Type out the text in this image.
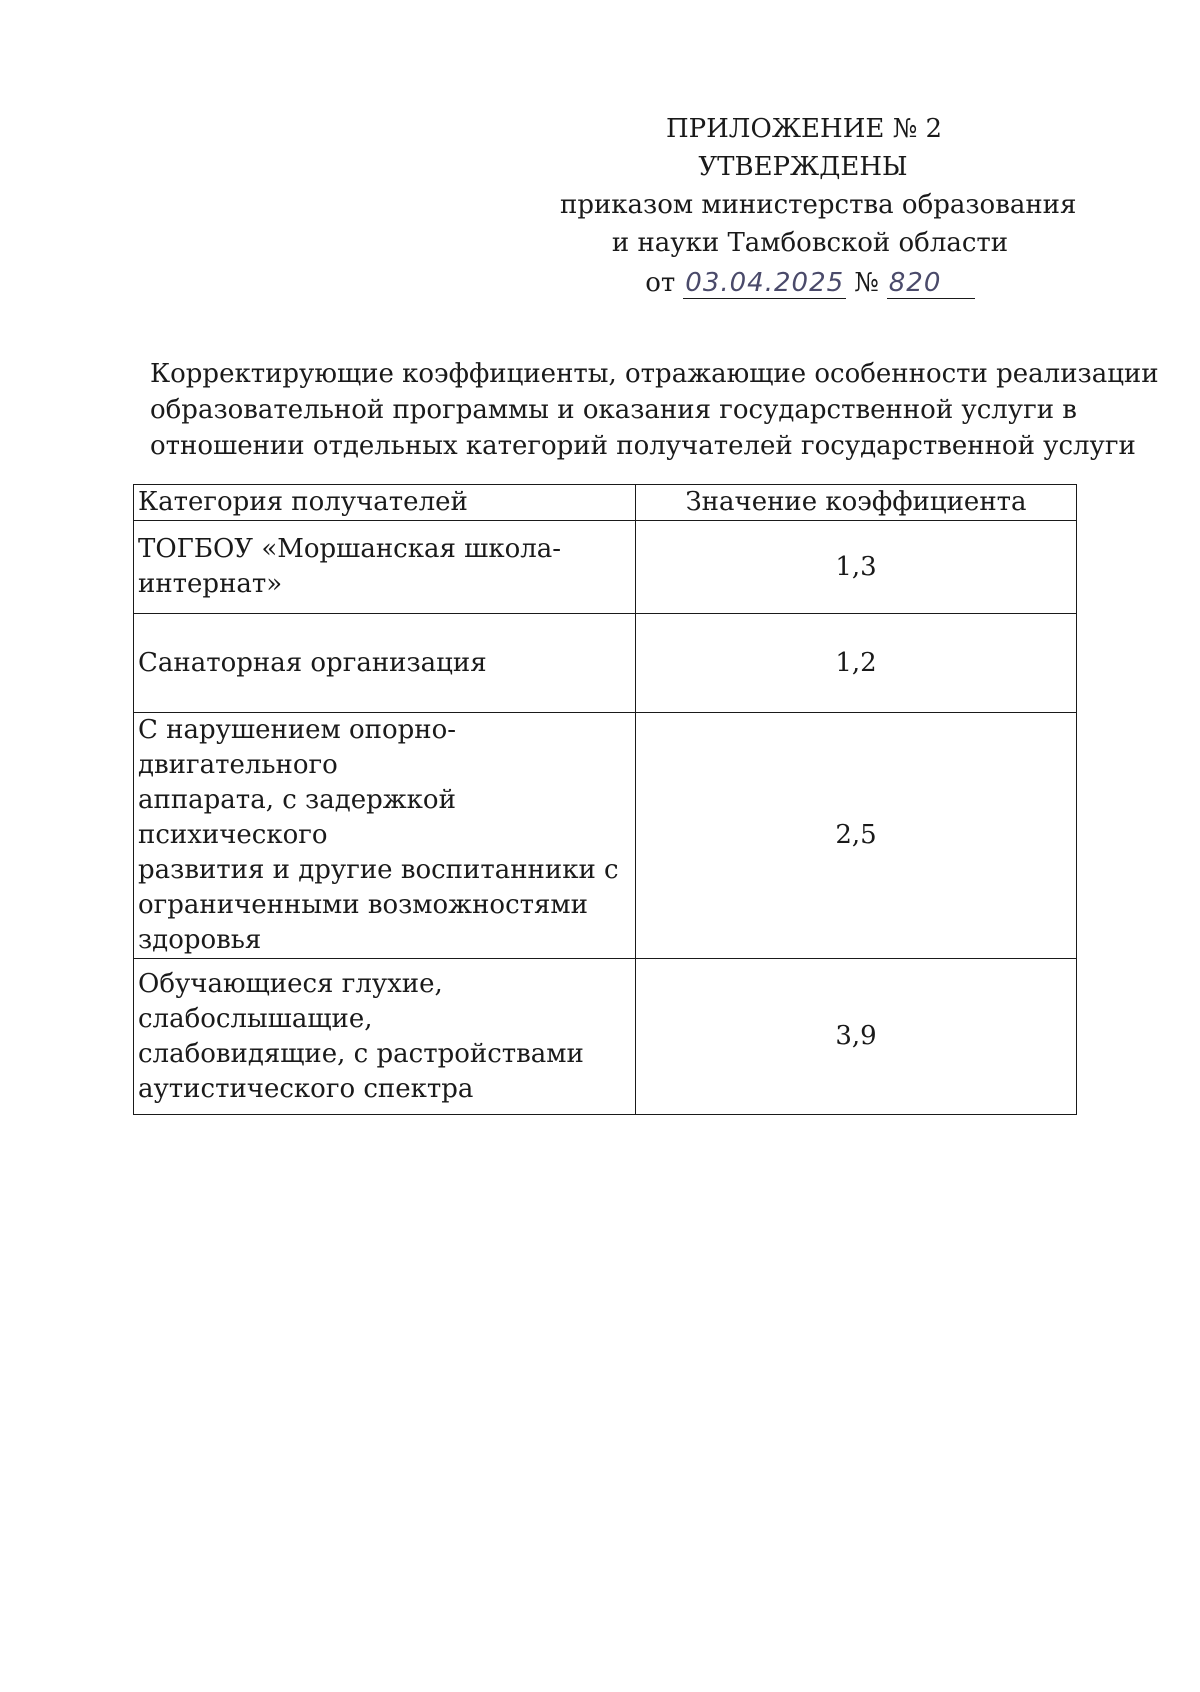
ПРИЛОЖЕНИЕ № 2
УТВЕРЖДЕНЫ
приказом министерства образования
и науки Тамбовской области
от 03.04.2025 № 820
Корректирующие коэффициенты, отражающие особенности реализации
образовательной программы и оказания государственной услуги в
отношении отдельных категорий получателей государственной услуги
Категория получателей	Значение коэффициента

ТОГБОУ «Моршанская школа-
интернат»	1,3

Санаторная организация	1,2

С нарушением опорно-двигательного
аппарата, с задержкой психического
развития и другие воспитанники с
ограниченными возможностями
здоровья	2,5

Обучающиеся глухие, слабослышащие,
слабовидящие, с растройствами
аутистического спектра	3,9
